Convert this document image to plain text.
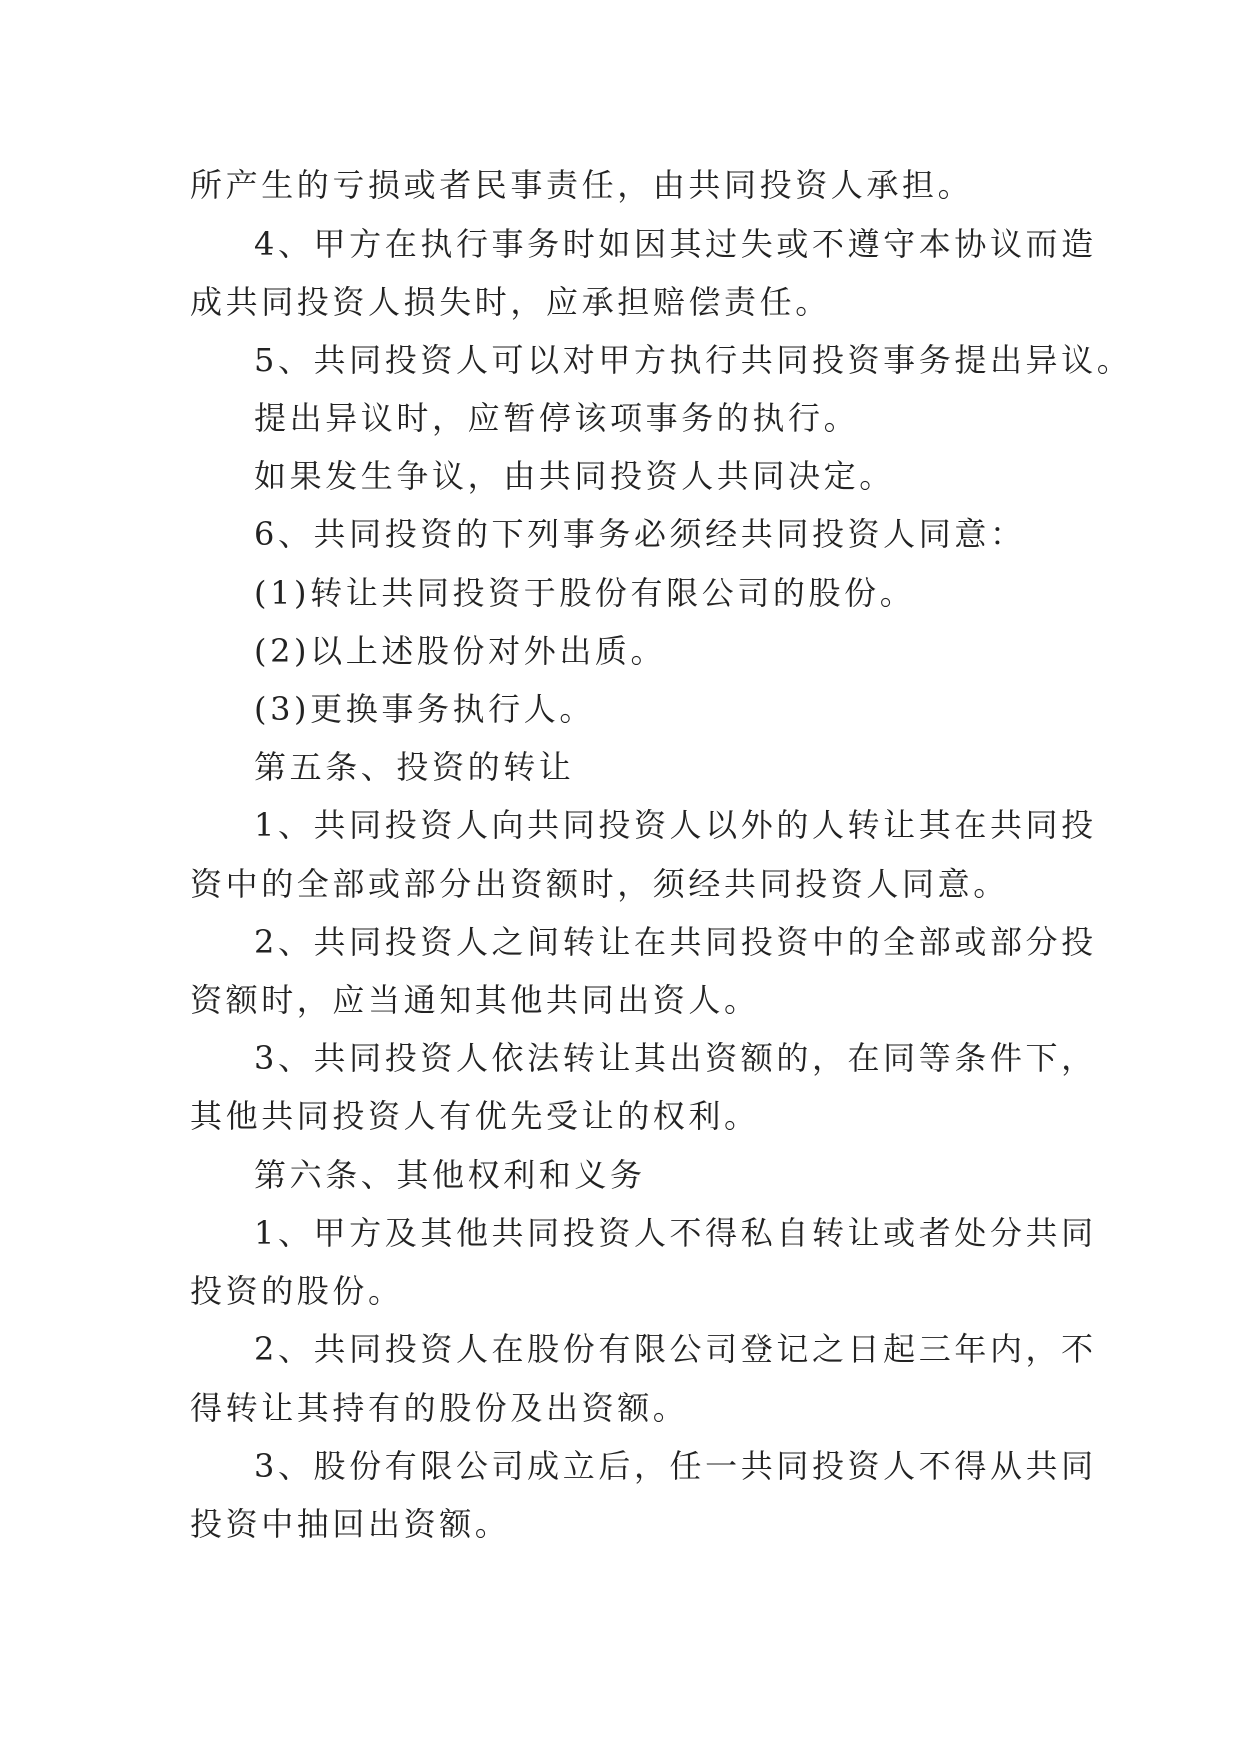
所产生的亏损或者民事责任，由共同投资人承担。
4、甲方在执行事务时如因其过失或不遵守本协议而造
成共同投资人损失时，应承担赔偿责任。
5、共同投资人可以对甲方执行共同投资事务提出异议。
提出异议时，应暂停该项事务的执行。
如果发生争议，由共同投资人共同决定。
6、共同投资的下列事务必须经共同投资人同意：
(1)转让共同投资于股份有限公司的股份。
(2)以上述股份对外出质。
(3)更换事务执行人。
第五条、投资的转让
1、共同投资人向共同投资人以外的人转让其在共同投
资中的全部或部分出资额时，须经共同投资人同意。
2、共同投资人之间转让在共同投资中的全部或部分投
资额时，应当通知其他共同出资人。
3、共同投资人依法转让其出资额的，在同等条件下，
其他共同投资人有优先受让的权利。
第六条、其他权利和义务
1、甲方及其他共同投资人不得私自转让或者处分共同
投资的股份。
2、共同投资人在股份有限公司登记之日起三年内，不
得转让其持有的股份及出资额。
3、股份有限公司成立后，任一共同投资人不得从共同
投资中抽回出资额。
